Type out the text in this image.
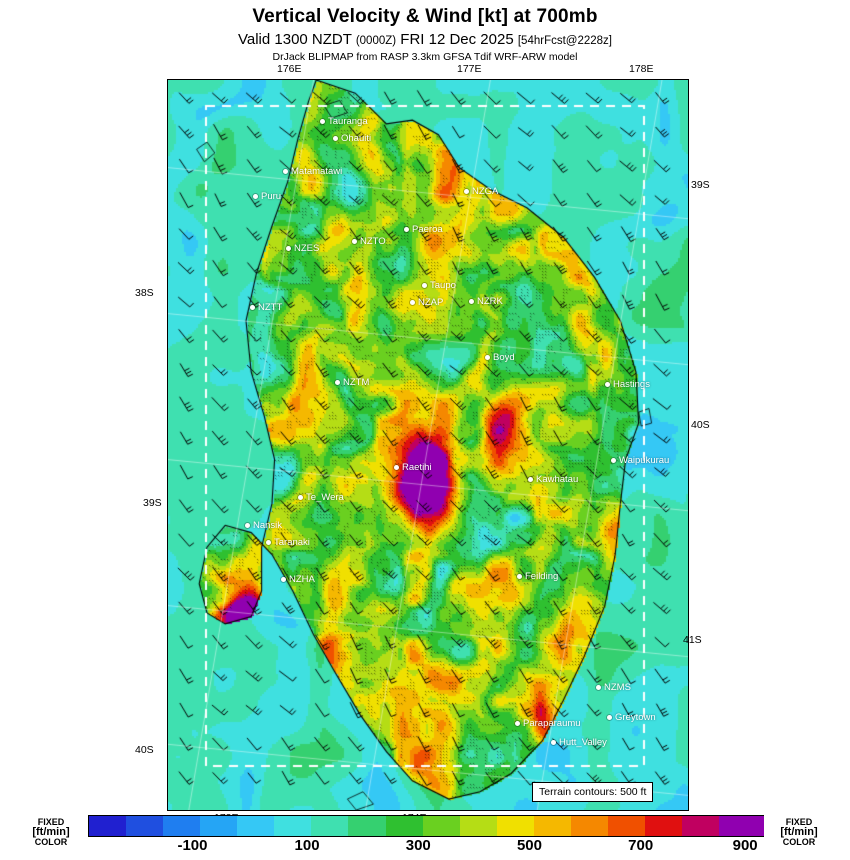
Vertical Velocity & Wind [kt] at 700mb
Valid 1300 NZDT (0000Z) FRI 12 Dec 2025 [54hrFcst@2228z]
DrJack BLIPMAP from RASP 3.3km GFSA Tdif WRF-ARW model
Tauranga
Ohauiti
Matamatawi
Puru	NZGA
Paeroa
NZTO
NZES
Taupo
NZAP	NZRK
NZTT
Boyd
NZTM	Hastings
Waipukurau
Raetihi
Kawhatau
Te_Wera
Nansik
Taranaki
NZHA	Feilding
NZMS
Greytown
Paraparaumu
Hutt_Valley
176E	177E	178E
39S
38S
40S
39S
41S
40S
Terrain contours: 500 ft
FIXED
[ft/min]
COLOR	-100	100	300	500	700	900
FIXED
[ft/min]
COLOR
